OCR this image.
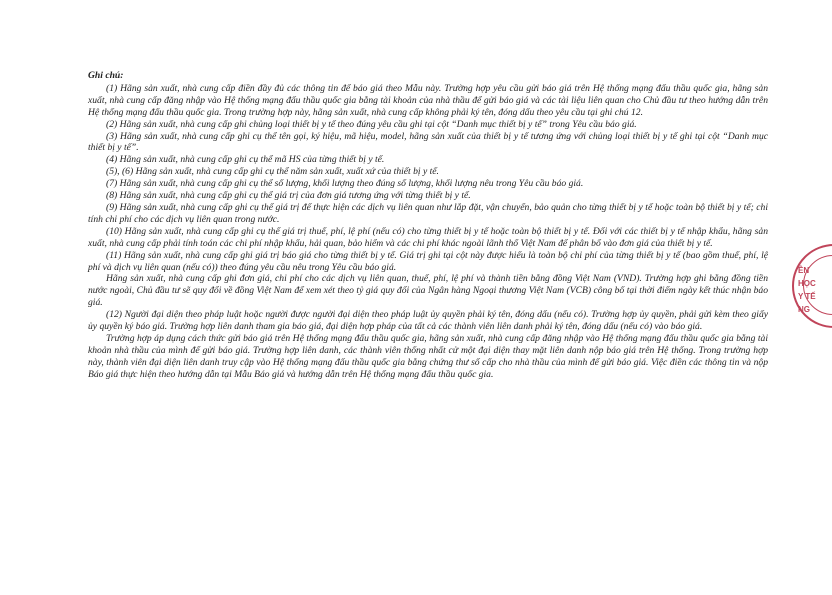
Ghi chú:

(1) Hãng sản xuất, nhà cung cấp điền đầy đủ các thông tin để báo giá theo Mẫu này. Trường hợp yêu cầu gửi báo giá trên Hệ thống mạng đấu thầu quốc gia, hãng sản xuất, nhà cung cấp đăng nhập vào Hệ thống mạng đấu thầu quốc gia bằng tài khoản của nhà thầu để gửi báo giá và các tài liệu liên quan cho Chủ đầu tư theo hướng dẫn trên Hệ thống mạng đấu thầu quốc gia. Trong trường hợp này, hãng sản xuất, nhà cung cấp không phải ký tên, đóng dấu theo yêu cầu tại ghi chú 12.

(2) Hãng sản xuất, nhà cung cấp ghi chủng loại thiết bị y tế theo đúng yêu cầu ghi tại cột “Danh mục thiết bị y tế” trong Yêu cầu báo giá.

(3) Hãng sản xuất, nhà cung cấp ghi cụ thể tên gọi, ký hiệu, mã hiệu, model, hãng sản xuất của thiết bị y tế tương ứng với chủng loại thiết bị y tế ghi tại cột “Danh mục thiết bị y tế”.

(4) Hãng sản xuất, nhà cung cấp ghi cụ thể mã HS của từng thiết bị y tế.

(5), (6) Hãng sản xuất, nhà cung cấp ghi cụ thể năm sản xuất, xuất xứ của thiết bị y tế.

(7) Hãng sản xuất, nhà cung cấp ghi cụ thể số lượng, khối lượng theo đúng số lượng, khối lượng nêu trong Yêu cầu báo giá.

(8) Hãng sản xuất, nhà cung cấp ghi cụ thể giá trị của đơn giá tương ứng với từng thiết bị y tế.

(9) Hãng sản xuất, nhà cung cấp ghi cụ thể giá trị để thực hiện các dịch vụ liên quan như lắp đặt, vận chuyển, bảo quản cho từng thiết bị y tế hoặc toàn bộ thiết bị y tế; chi tính chi phí cho các dịch vụ liên quan trong nước.

(10) Hãng sản xuất, nhà cung cấp ghi cụ thể giá trị thuế, phí, lệ phí (nếu có) cho từng thiết bị y tế hoặc toàn bộ thiết bị y tế. Đối với các thiết bị y tế nhập khẩu, hãng sản xuất, nhà cung cấp phải tính toán các chi phí nhập khẩu, hải quan, bảo hiểm và các chi phí khác ngoài lãnh thổ Việt Nam để phân bổ vào đơn giá của thiết bị y tế.

(11) Hãng sản xuất, nhà cung cấp ghi giá trị báo giá cho từng thiết bị y tế. Giá trị ghi tại cột này được hiểu là toàn bộ chi phí của từng thiết bị y tế (bao gồm thuế, phí, lệ phí và dịch vụ liên quan (nếu có)) theo đúng yêu cầu nêu trong Yêu cầu báo giá.

Hãng sản xuất, nhà cung cấp ghi đơn giá, chi phí cho các dịch vụ liên quan, thuế, phí, lệ phí và thành tiền bằng đồng Việt Nam (VND). Trường hợp ghi bằng đồng tiền nước ngoài, Chủ đầu tư sẽ quy đổi về đồng Việt Nam để xem xét theo tỷ giá quy đổi của Ngân hàng Ngoại thương Việt Nam (VCB) công bố tại thời điểm ngày kết thúc nhận báo giá.

(12) Người đại diện theo pháp luật hoặc người được người đại diện theo pháp luật ủy quyền phải ký tên, đóng dấu (nếu có). Trường hợp ủy quyền, phải gửi kèm theo giấy ủy quyền ký báo giá. Trường hợp liên danh tham gia báo giá, đại diện hợp pháp của tất cả các thành viên liên danh phải ký tên, đóng dấu (nếu có) vào báo giá.

Trường hợp áp dụng cách thức gửi báo giá trên Hệ thống mạng đấu thầu quốc gia, hãng sản xuất, nhà cung cấp đăng nhập vào Hệ thống mạng đấu thầu quốc gia bằng tài khoản nhà thầu của mình để gửi báo giá. Trường hợp liên danh, các thành viên thống nhất cử một đại diện thay mặt liên danh nộp báo giá trên Hệ thống. Trong trường hợp này, thành viên đại diện liên danh truy cập vào Hệ thống mạng đấu thầu quốc gia bằng chứng thư số cấp cho nhà thầu của mình để gửi báo giá. Việc điền các thông tin và nộp Báo giá thực hiện theo hướng dẫn tại Mẫu Báo giá và hướng dẫn trên Hệ thống mạng đấu thầu quốc gia.

ÊN
HỌC
Y TẾ
NG
